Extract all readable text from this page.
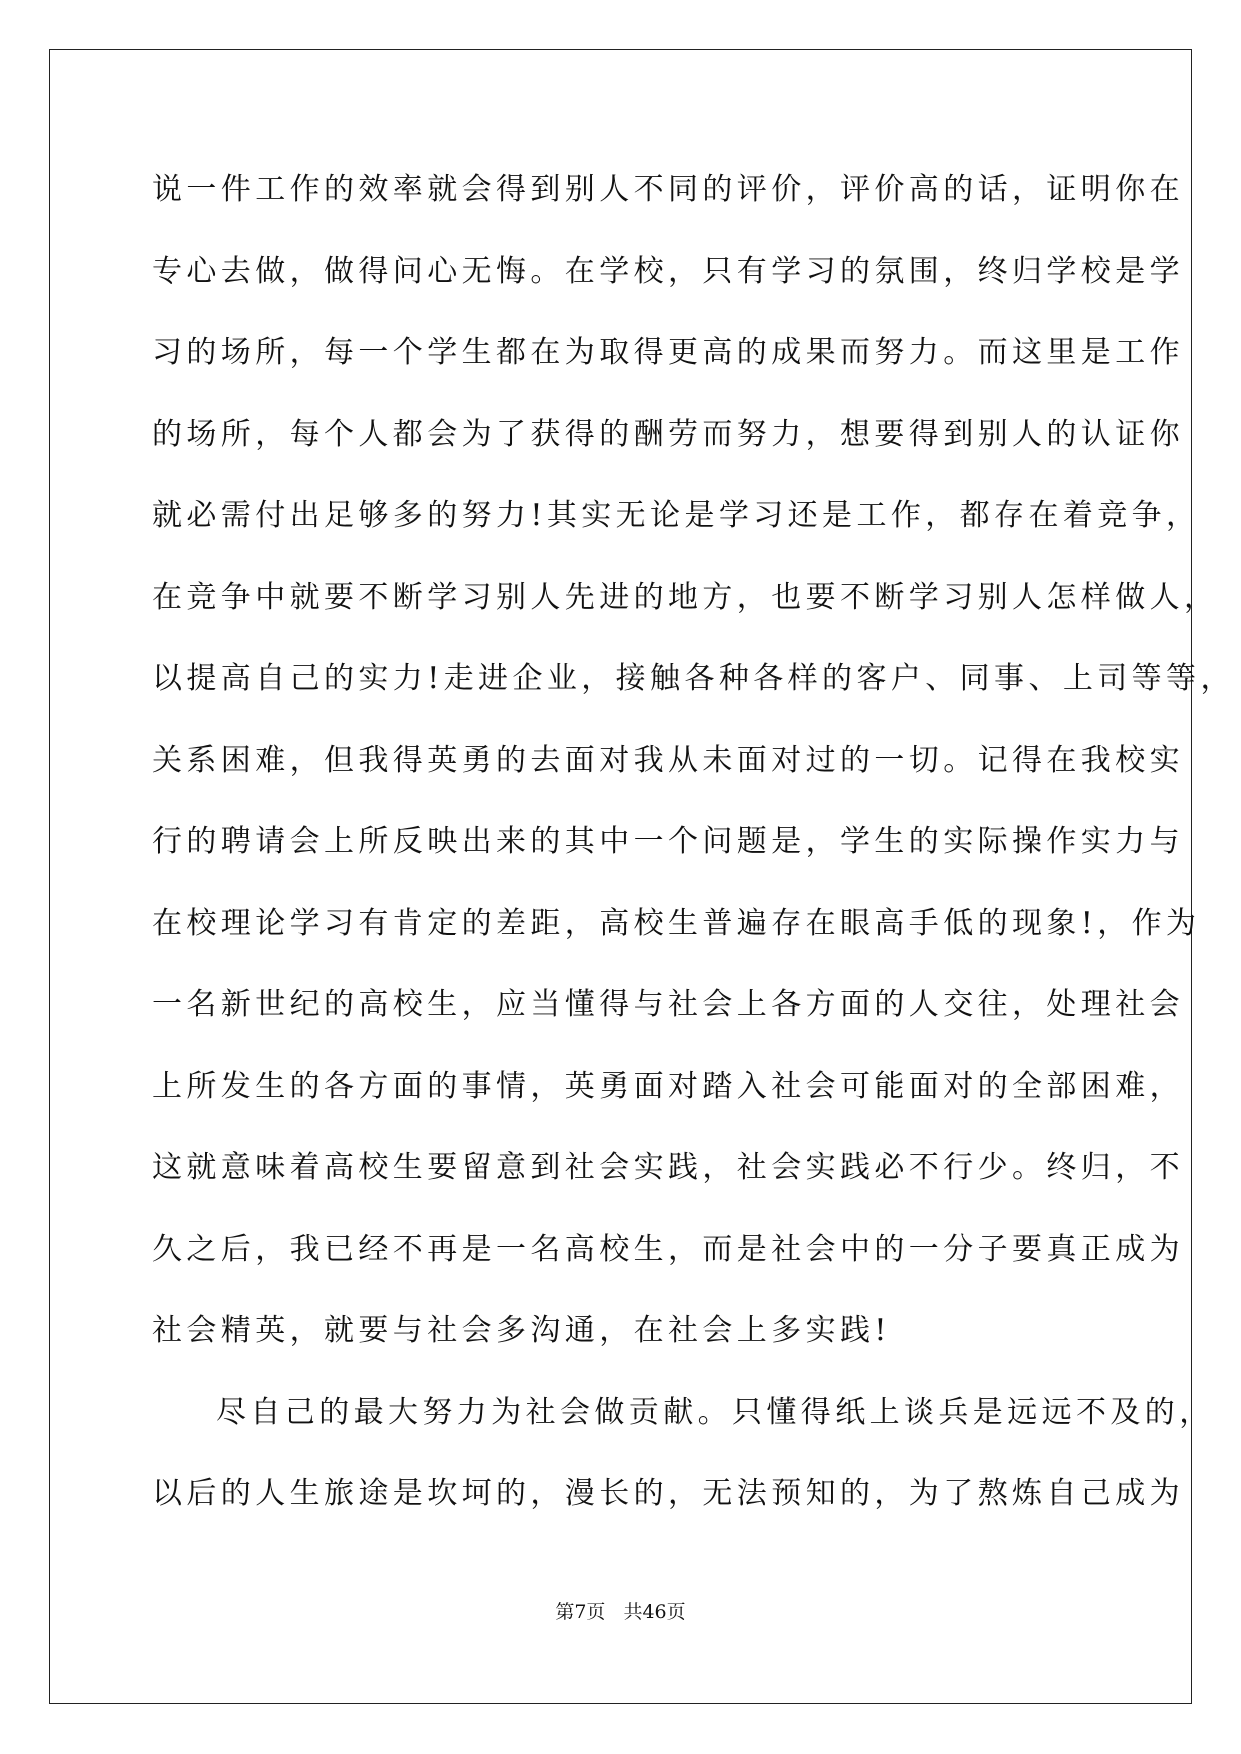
说一件工作的效率就会得到别人不同的评价，评价高的话，证明你在
专心去做，做得问心无悔。在学校，只有学习的氛围，终归学校是学
习的场所，每一个学生都在为取得更高的成果而努力。而这里是工作
的场所，每个人都会为了获得的酬劳而努力，想要得到别人的认证你
就必需付出足够多的努力!其实无论是学习还是工作，都存在着竞争，
在竞争中就要不断学习别人先进的地方，也要不断学习别人怎样做人，
以提高自己的实力!走进企业，接触各种各样的客户、同事、上司等等，
关系困难，但我得英勇的去面对我从未面对过的一切。记得在我校实
行的聘请会上所反映出来的其中一个问题是，学生的实际操作实力与
在校理论学习有肯定的差距，高校生普遍存在眼高手低的现象!，作为
一名新世纪的高校生，应当懂得与社会上各方面的人交往，处理社会
上所发生的各方面的事情，英勇面对踏入社会可能面对的全部困难，
这就意味着高校生要留意到社会实践，社会实践必不行少。终归，不
久之后，我已经不再是一名高校生，而是社会中的一分子要真正成为
社会精英，就要与社会多沟通，在社会上多实践!
尽自己的最大努力为社会做贡献。只懂得纸上谈兵是远远不及的，
以后的人生旅途是坎坷的，漫长的，无法预知的，为了熬炼自己成为
第7页 共46页
